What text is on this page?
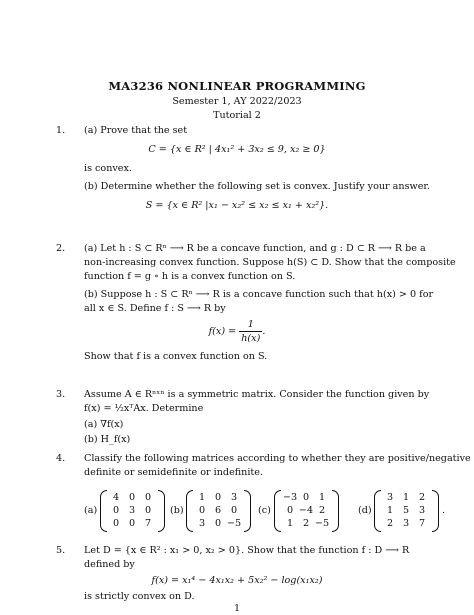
MA3236 NONLINEAR PROGRAMMING
Semester 1, AY 2022/2023
Tutorial 2
1. (a) Prove that the set
C = {x ∈ R² | 4x₁² + 3x₂ ≤ 9, x₂ ≥ 0}
is convex.
(b) Determine whether the following set is convex. Justify your answer.
S = {x ∈ R² |x₁ − x₂² ≤ x₂ ≤ x₁ + x₂²}.
2. (a) Let h : S ⊂ Rⁿ ⟶ R be a concave function, and g : D ⊂ R ⟶ R be a
non-increasing convex function. Suppose h(S) ⊂ D. Show that the composite
function f = g ∘ h is a convex function on S.
(b) Suppose h : S ⊂ Rⁿ ⟶ R is a concave function such that h(x) > 0 for
all x ∈ S. Define f : S ⟶ R by
$f(x) = \frac{1}{h(x)}$ .
Show that f is a convex function on S.
3. Assume A ∈ Rⁿˣⁿ is a symmetric matrix. Consider the function given by
f(x) = ½xᵀAx. Determine
(a) ∇f(x)
(b) H_f(x)
4. Classify the following matrices according to whether they are positive/negative
definite or semidefinite or indefinite.
(a)
4	0	0
0	3	0
0	0	7
(b)
1	0	3
0	6	0
3	0 −5
(c)
−3 0	1
0 −4 2
1	2 −5
(d)
3	1	2
1	5	3
2	3	7
.
5. Let D = {x ∈ R² : x₁ > 0, x₂ > 0}. Show that the function f : D ⟶ R
defined by
f(x) = x₁⁴ − 4x₁x₂ + 5x₂² − log(x₁x₂)
is strictly convex on D.
1
